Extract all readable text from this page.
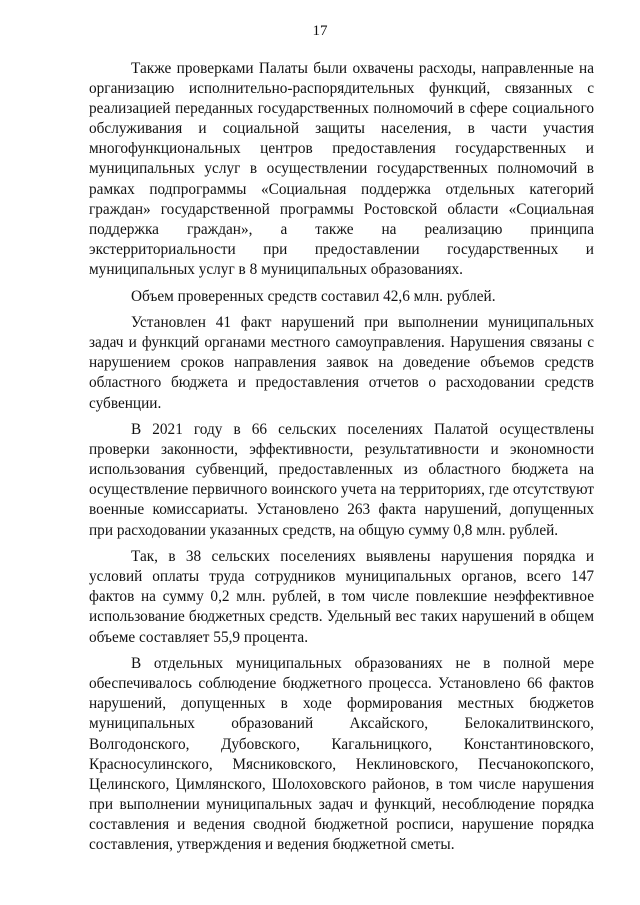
17

Также проверками Палаты были охвачены расходы, направленные на организацию исполнительно-распорядительных функций, связанных с реализацией переданных государственных полномочий в сфере социального обслуживания и социальной защиты населения, в части участия многофункциональных центров предоставления государственных и муниципальных услуг в осуществлении государственных полномочий в рамках подпрограммы «Социальная поддержка отдельных категорий граждан» государственной программы Ростовской области «Социальная поддержка граждан», а также на реализацию принципа экстерриториальности при предоставлении государственных и муниципальных услуг в 8 муниципальных образованиях.

Объем проверенных средств составил 42,6 млн. рублей.

Установлен 41 факт нарушений при выполнении муниципальных задач и функций органами местного самоуправления. Нарушения связаны с нарушением сроков направления заявок на доведение объемов средств областного бюджета и предоставления отчетов о расходовании средств субвенции.

В 2021 году в 66 сельских поселениях Палатой осуществлены проверки законности, эффективности, результативности и экономности использования субвенций, предоставленных из областного бюджета на осуществление первичного воинского учета на территориях, где отсутствуют военные комиссариаты. Установлено 263 факта нарушений, допущенных при расходовании указанных средств, на общую сумму 0,8 млн. рублей.

Так, в 38 сельских поселениях выявлены нарушения порядка и условий оплаты труда сотрудников муниципальных органов, всего 147 фактов на сумму 0,2 млн. рублей, в том числе повлекшие неэффективное использование бюджетных средств. Удельный вес таких нарушений в общем объеме составляет 55,9 процента.

В отдельных муниципальных образованиях не в полной мере обеспечивалось соблюдение бюджетного процесса. Установлено 66 фактов нарушений, допущенных в ходе формирования местных бюджетов муниципальных образований Аксайского, Белокалитвинского, Волгодонского, Дубовского, Кагальницкого, Константиновского, Красносулинского, Мясниковского, Неклиновского, Песчанокопского, Целинского, Цимлянского, Шолоховского районов, в том числе нарушения при выполнении муниципальных задач и функций, несоблюдение порядка составления и ведения сводной бюджетной росписи, нарушение порядка составления, утверждения и ведения бюджетной сметы.
